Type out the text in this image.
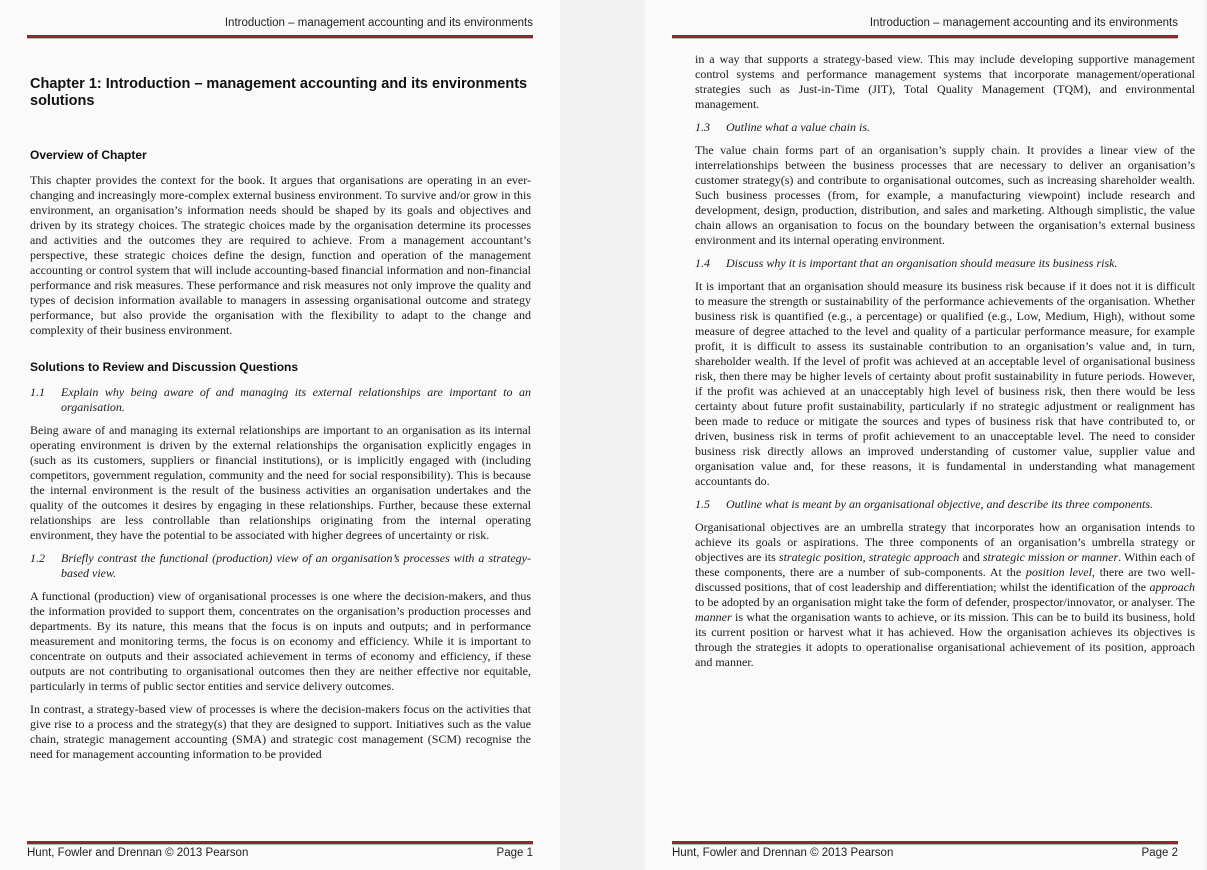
Introduction – management accounting and its environments
Chapter 1: Introduction – management accounting and its environments solutions
Overview of Chapter

This chapter provides the context for the book. It argues that organisations are operating in an ever-changing and increasingly more-complex external business environment. To survive and/or grow in this environment, an organisation’s information needs should be shaped by its goals and objectives and driven by its strategy choices. The strategic choices made by the organisation determine its processes and activities and the outcomes they are required to achieve. From a management accountant’s perspective, these strategic choices define the design, function and operation of the management accounting or control system that will include accounting-based financial information and non-financial performance and risk measures. These performance and risk measures not only improve the quality and types of decision information available to managers in assessing organisational outcome and strategy performance, but also provide the organisation with the flexibility to adapt to the change and complexity of their business environment.

Solutions to Review and Discussion Questions
1.1 Explain why being aware of and managing its external relationships are important to an organisation.

Being aware of and managing its external relationships are important to an organisation as its internal operating environment is driven by the external relationships the organisation explicitly engages in (such as its customers, suppliers or financial institutions), or is implicitly engaged with (including competitors, government regulation, community and the need for social responsibility). This is because the internal environment is the result of the business activities an organisation undertakes and the quality of the outcomes it desires by engaging in these relationships. Further, because these external relationships are less controllable than relationships originating from the internal operating environment, they have the potential to be associated with higher degrees of uncertainty or risk.

1.2 Briefly contrast the functional (production) view of an organisation’s processes with a strategy-based view.

A functional (production) view of organisational processes is one where the decision-makers, and thus the information provided to support them, concentrates on the organisation’s production processes and departments. By its nature, this means that the focus is on inputs and outputs; and in performance measurement and monitoring terms, the focus is on economy and efficiency. While it is important to concentrate on outputs and their associated achievement in terms of economy and efficiency, if these outputs are not contributing to organisational outcomes then they are neither effective nor equitable, particularly in terms of public sector entities and service delivery outcomes.

In contrast, a strategy-based view of processes is where the decision-makers focus on the activities that give rise to a process and the strategy(s) that they are designed to support. Initiatives such as the value chain, strategic management accounting (SMA) and strategic cost management (SCM) recognise the need for management accounting information to be provided

Hunt, Fowler and Drennan © 2013 Pearson	Page 1
Introduction – management accounting and its environments

in a way that supports a strategy-based view. This may include developing supportive management control systems and performance management systems that incorporate management/operational strategies such as Just-in-Time (JIT), Total Quality Management (TQM), and environmental management.

1.3 Outline what a value chain is.

The value chain forms part of an organisation’s supply chain. It provides a linear view of the interrelationships between the business processes that are necessary to deliver an organisation’s customer strategy(s) and contribute to organisational outcomes, such as increasing shareholder wealth. Such business processes (from, for example, a manufacturing viewpoint) include research and development, design, production, distribution, and sales and marketing. Although simplistic, the value chain allows an organisation to focus on the boundary between the organisation’s external business environment and its internal operating environment.

1.4 Discuss why it is important that an organisation should measure its business risk.

It is important that an organisation should measure its business risk because if it does not it is difficult to measure the strength or sustainability of the performance achievements of the organisation. Whether business risk is quantified (e.g., a percentage) or qualified (e.g., Low, Medium, High), without some measure of degree attached to the level and quality of a particular performance measure, for example profit, it is difficult to assess its sustainable contribution to an organisation’s value and, in turn, shareholder wealth. If the level of profit was achieved at an acceptable level of organisational business risk, then there may be higher levels of certainty about profit sustainability in future periods. However, if the profit was achieved at an unacceptably high level of business risk, then there would be less certainty about future profit sustainability, particularly if no strategic adjustment or realignment has been made to reduce or mitigate the sources and types of business risk that have contributed to, or driven, business risk in terms of profit achievement to an unacceptable level. The need to consider business risk directly allows an improved understanding of customer value, supplier value and organisation value and, for these reasons, it is fundamental in understanding what management accountants do.

1.5 Outline what is meant by an organisational objective, and describe its three components.

Organisational objectives are an umbrella strategy that incorporates how an organisation intends to achieve its goals or aspirations. The three components of an organisation’s umbrella strategy or objectives are its strategic position, strategic approach and strategic mission or manner. Within each of these components, there are a number of sub-components. At the position level, there are two well-discussed positions, that of cost leadership and differentiation; whilst the identification of the approach to be adopted by an organisation might take the form of defender, prospector/innovator, or analyser. The manner is what the organisation wants to achieve, or its mission. This can be to build its business, hold its current position or harvest what it has achieved. How the organisation achieves its objectives is through the strategies it adopts to operationalise organisational achievement of its position, approach and manner.

Hunt, Fowler and Drennan © 2013 Pearson	Page 2
